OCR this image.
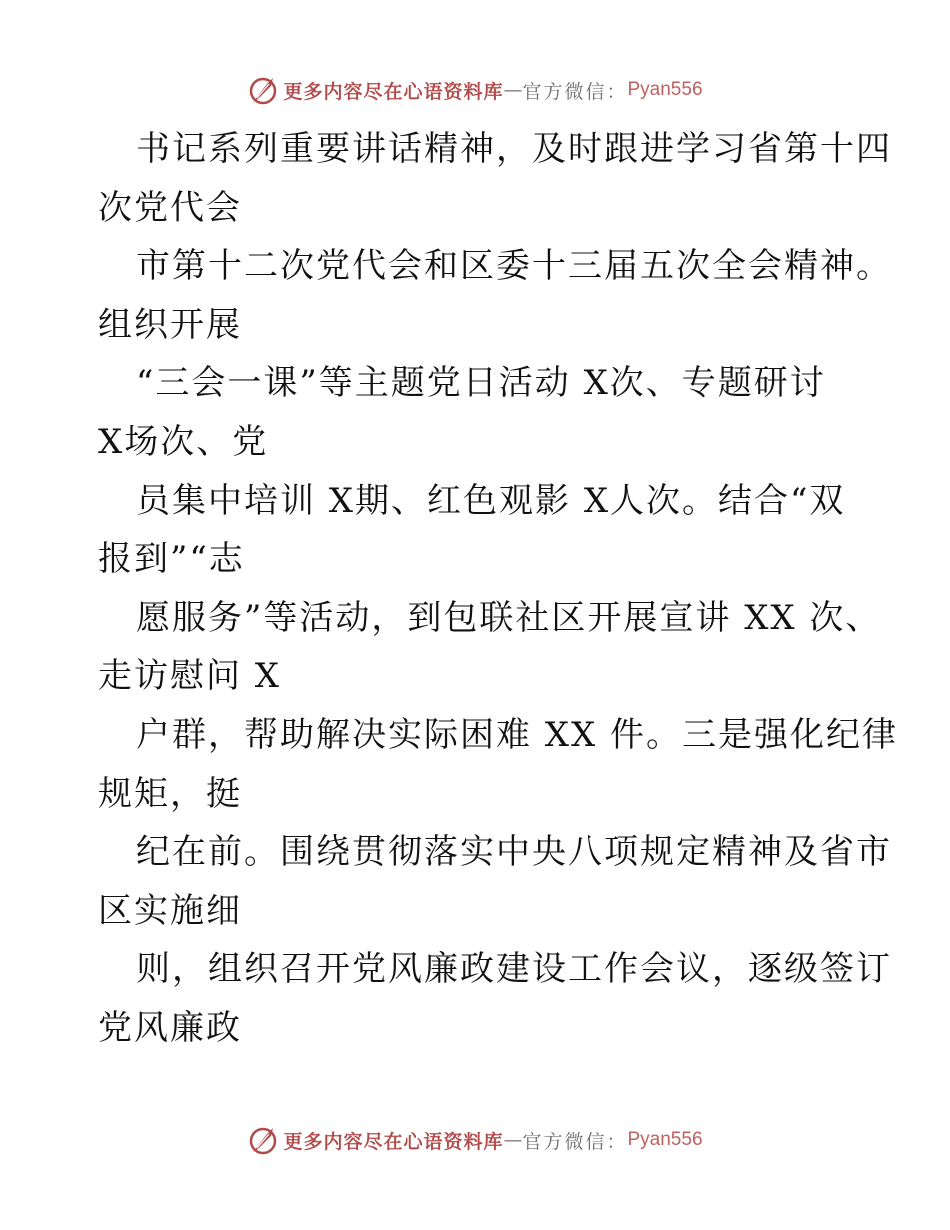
更多内容尽在心语资料库 — 官方微信： Pyan556
书记系列重要讲话精神，及时跟进学习省第十四
次党代会
市第十二次党代会和区委十三届五次全会精神。
组织开展
“三会一课”等主题党日活动 X次、专题研讨
X场次、党
员集中培训 X期、红色观影 X人次。结合“双
报到”“志
愿服务”等活动，到包联社区开展宣讲 XX 次、
走访慰问 X
户群，帮助解决实际困难 XX 件。三是强化纪律
规矩，挺
纪在前。围绕贯彻落实中央八项规定精神及省市
区实施细
则，组织召开党风廉政建设工作会议，逐级签订
党风廉政
更多内容尽在心语资料库 — 官方微信： Pyan556
